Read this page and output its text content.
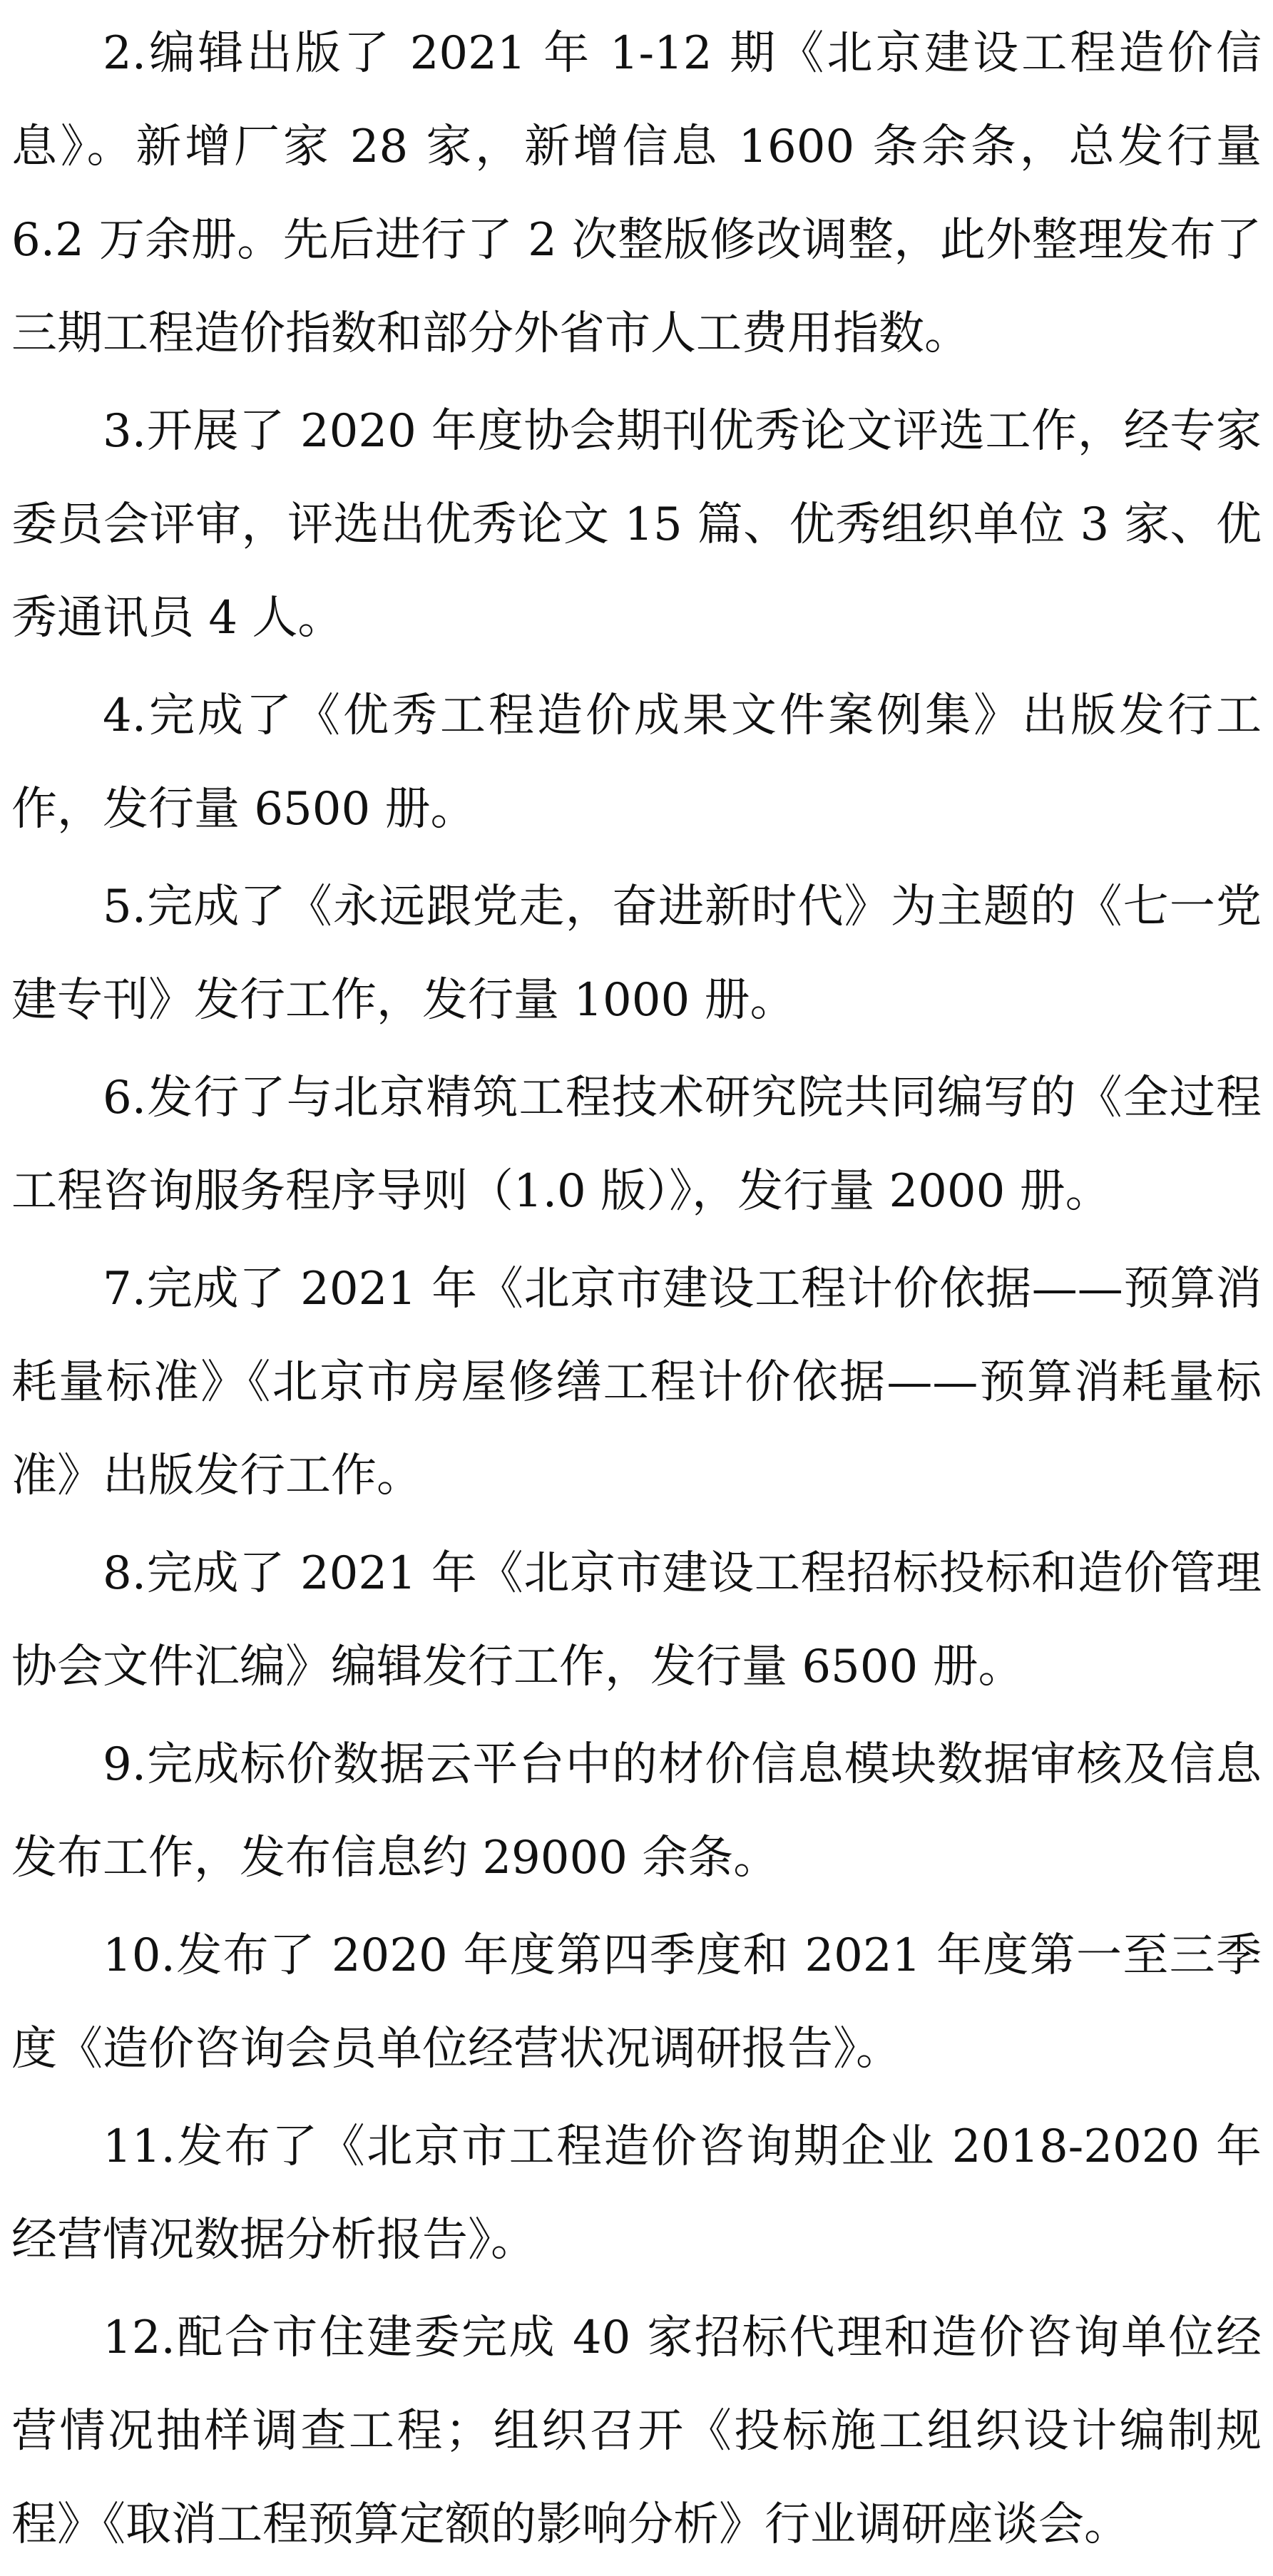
2.编辑出版了 2021 年 1-12 期《北京建设工程造价信息》。新增厂家 28 家，新增信息 1600 条余条，总发行量 6.2 万余册。先后进行了 2 次整版修改调整，此外整理发布了三期工程造价指数和部分外省市人工费用指数。

3.开展了 2020 年度协会期刊优秀论文评选工作，经专家委员会评审，评选出优秀论文 15 篇、优秀组织单位 3 家、优秀通讯员 4 人。

4.完成了《优秀工程造价成果文件案例集》出版发行工作，发行量 6500 册。

5.完成了《永远跟党走，奋进新时代》为主题的《七一党建专刊》发行工作，发行量 1000 册。

6.发行了与北京精筑工程技术研究院共同编写的《全过程工程咨询服务程序导则（1.0 版）》，发行量 2000 册。

7.完成了 2021 年《北京市建设工程计价依据——预算消耗量标准》《北京市房屋修缮工程计价依据——预算消耗量标准》出版发行工作。

8.完成了 2021 年《北京市建设工程招标投标和造价管理协会文件汇编》编辑发行工作，发行量 6500 册。

9.完成标价数据云平台中的材价信息模块数据审核及信息发布工作，发布信息约 29000 余条。

10.发布了 2020 年度第四季度和 2021 年度第一至三季度《造价咨询会员单位经营状况调研报告》。

11.发布了《北京市工程造价咨询期企业 2018-2020 年经营情况数据分析报告》。

12.配合市住建委完成 40 家招标代理和造价咨询单位经营情况抽样调查工程；组织召开《投标施工组织设计编制规程》《取消工程预算定额的影响分析》行业调研座谈会。
